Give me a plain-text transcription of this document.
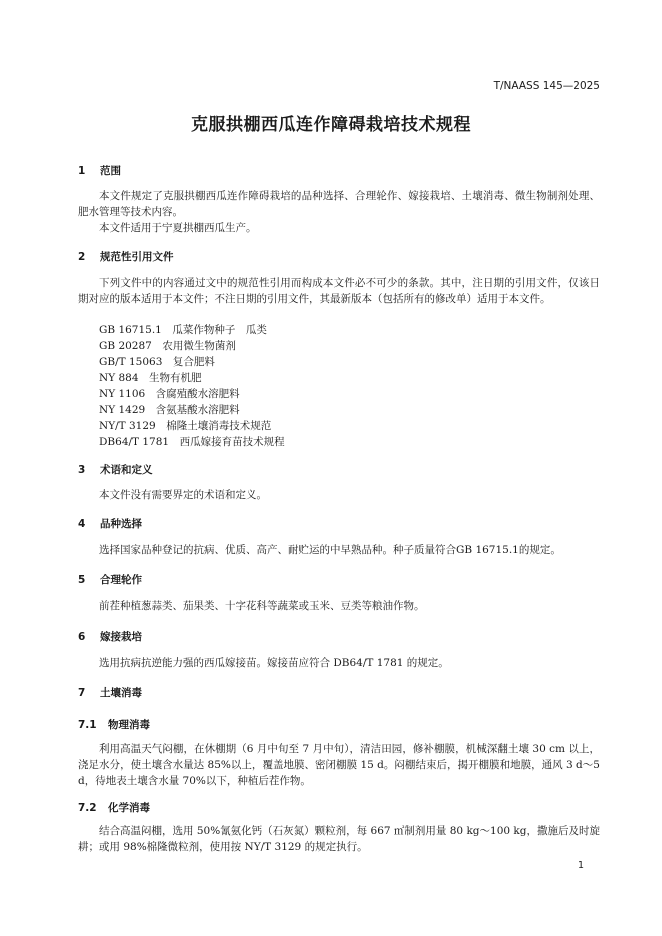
T/NAASS 145—2025
克服拱棚西瓜连作障碍栽培技术规程
1 范围
本文件规定了克服拱棚西瓜连作障碍栽培的品种选择、合理轮作、嫁接栽培、土壤消毒、微生物制剂处理、肥水管理等技术内容。
本文件适用于宁夏拱棚西瓜生产。
2 规范性引用文件
下列文件中的内容通过文中的规范性引用而构成本文件必不可少的条款。其中，注日期的引用文件，仅该日期对应的版本适用于本文件；不注日期的引用文件，其最新版本（包括所有的修改单）适用于本文件。
GB 16715.1　瓜菜作物种子　瓜类
GB 20287　农用微生物菌剂
GB/T 15063　复合肥料
NY 884　生物有机肥
NY 1106　含腐殖酸水溶肥料
NY 1429　含氨基酸水溶肥料
NY/T 3129　棉隆土壤消毒技术规范
DB64/T 1781　西瓜嫁接育苗技术规程
3 术语和定义
本文件没有需要界定的术语和定义。
4 品种选择
选择国家品种登记的抗病、优质、高产、耐贮运的中早熟品种。种子质量符合GB 16715.1的规定。
5 合理轮作
前茬种植葱蒜类、茄果类、十字花科等蔬菜或玉米、豆类等粮油作物。
6 嫁接栽培
选用抗病抗逆能力强的西瓜嫁接苗。嫁接苗应符合 DB64/T 1781 的规定。
7 土壤消毒
7.1 物理消毒
利用高温天气闷棚，在休棚期（6 月中旬至 7 月中旬），清洁田园，修补棚膜，机械深翻土壤 30 cm 以上，浇足水分，使土壤含水量达 85%以上，覆盖地膜、密闭棚膜 15 d。闷棚结束后，揭开棚膜和地膜，通风 3 d～5 d，待地表土壤含水量 70%以下，种植后茬作物。
7.2 化学消毒
结合高温闷棚，选用 50%氰氨化钙（石灰氮）颗粒剂，每 667 ㎡制剂用量 80 kg～100 kg，撒施后及时旋耕；或用 98%棉隆微粒剂，使用按 NY/T 3129 的规定执行。
1
